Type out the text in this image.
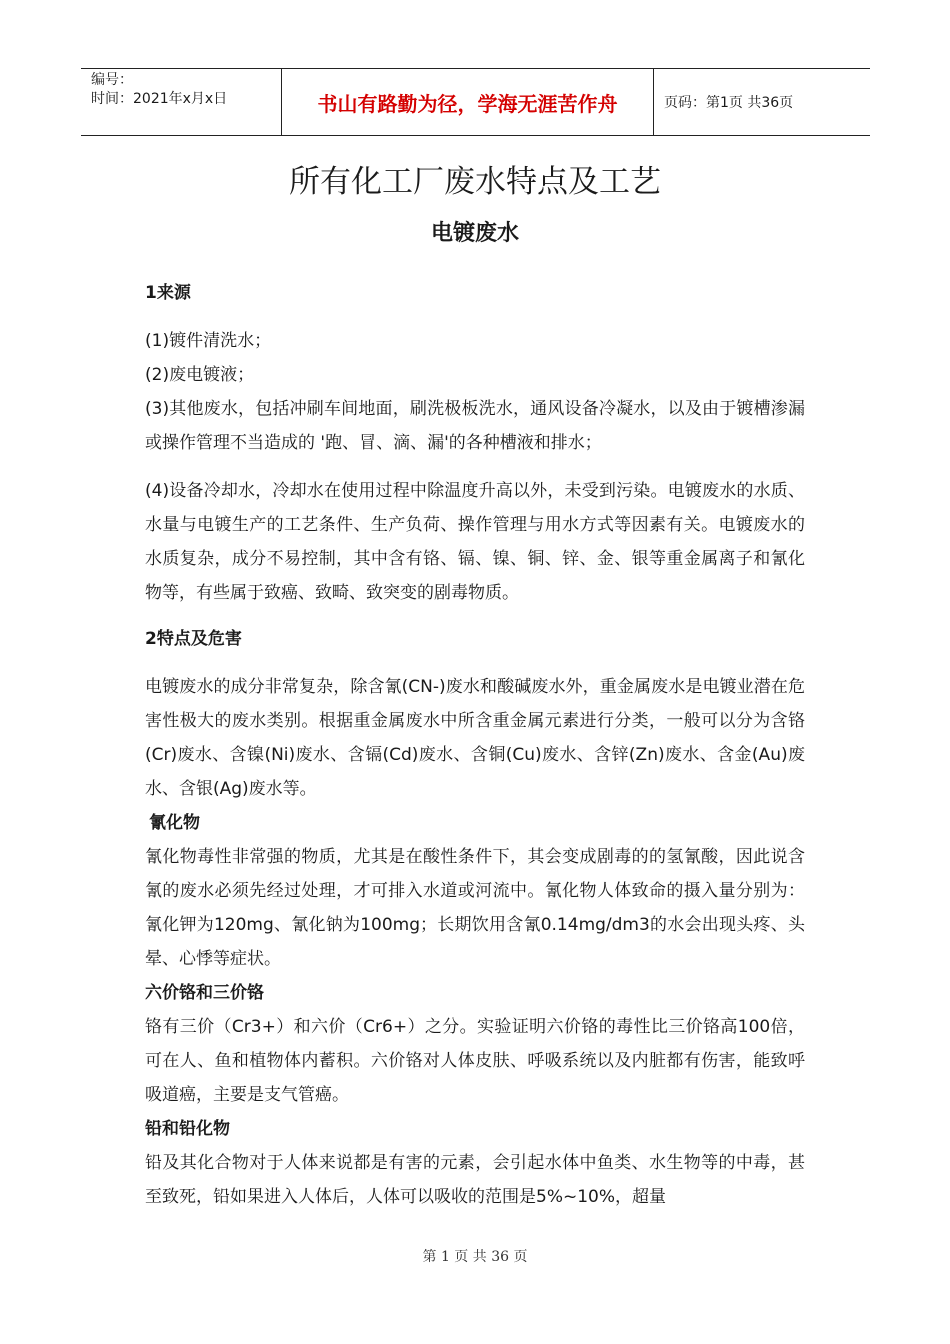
编号：
时间：2021年x月x日	书山有路勤为径，学海无涯苦作舟	页码：第1页 共36页
所有化工厂废水特点及工艺
电镀废水

1来源

(1)镀件清洗水；

(2)废电镀液；

(3)其他废水，包括冲刷车间地面，刷洗极板洗水，通风设备冷凝水，以及由于镀槽渗漏或操作管理不当造成的 '跑、冒、滴、漏'的各种槽液和排水；

(4)设备冷却水，冷却水在使用过程中除温度升高以外，未受到污染。电镀废水的水质、水量与电镀生产的工艺条件、生产负荷、操作管理与用水方式等因素有关。电镀废水的水质复杂，成分不易控制，其中含有铬、镉、镍、铜、锌、金、银等重金属离子和氰化物等，有些属于致癌、致畸、致突变的剧毒物质。

2特点及危害

电镀废水的成分非常复杂，除含氰(CN-)废水和酸碱废水外，重金属废水是电镀业潜在危害性极大的废水类别。根据重金属废水中所含重金属元素进行分类，一般可以分为含铬(Cr)废水、含镍(Ni)废水、含镉(Cd)废水、含铜(Cu)废水、含锌(Zn)废水、含金(Au)废水、含银(Ag)废水等。

氰化物

氰化物毒性非常强的物质，尤其是在酸性条件下，其会变成剧毒的的氢氰酸，因此说含氰的废水必须先经过处理，才可排入水道或河流中。氰化物人体致命的摄入量分别为：氰化钾为120mg、氰化钠为100mg；长期饮用含氰0.14mg/dm3的水会出现头疼、头晕、心悸等症状。

六价铬和三价铬

铬有三价（Cr3+）和六价（Cr6+）之分。实验证明六价铬的毒性比三价铬高100倍，可在人、鱼和植物体内蓄积。六价铬对人体皮肤、呼吸系统以及内脏都有伤害，能致呼吸道癌，主要是支气管癌。

铅和铅化物

铅及其化合物对于人体来说都是有害的元素，会引起水体中鱼类、水生物等的中毒，甚至致死，铅如果进入人体后，人体可以吸收的范围是5%~10%，超量

第 1 页 共 36 页
